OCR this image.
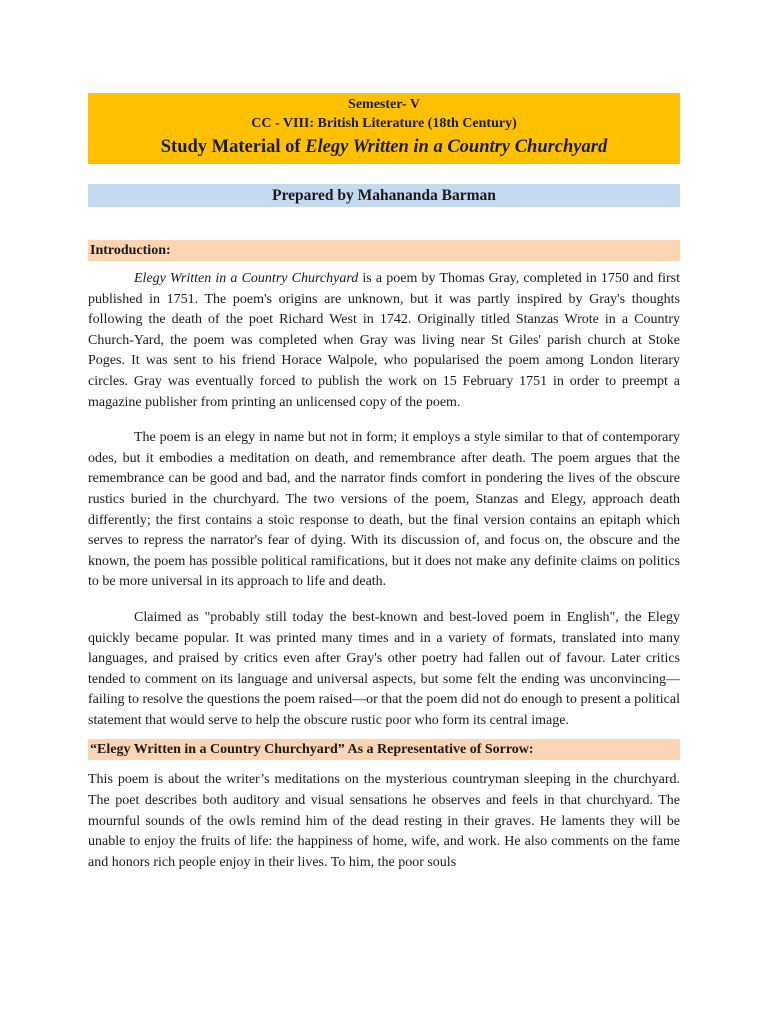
Semester- V
CC - VIII: British Literature (18th Century)
Study Material of Elegy Written in a Country Churchyard
Prepared by Mahananda Barman
Introduction:

Elegy Written in a Country Churchyard is a poem by Thomas Gray, completed in 1750 and first published in 1751. The poem's origins are unknown, but it was partly inspired by Gray's thoughts following the death of the poet Richard West in 1742. Originally titled Stanzas Wrote in a Country Church-Yard, the poem was completed when Gray was living near St Giles' parish church at Stoke Poges. It was sent to his friend Horace Walpole, who popularised the poem among London literary circles. Gray was eventually forced to publish the work on 15 February 1751 in order to preempt a magazine publisher from printing an unlicensed copy of the poem.

The poem is an elegy in name but not in form; it employs a style similar to that of contemporary odes, but it embodies a meditation on death, and remembrance after death. The poem argues that the remembrance can be good and bad, and the narrator finds comfort in pondering the lives of the obscure rustics buried in the churchyard. The two versions of the poem, Stanzas and Elegy, approach death differently; the first contains a stoic response to death, but the final version contains an epitaph which serves to repress the narrator's fear of dying. With its discussion of, and focus on, the obscure and the known, the poem has possible political ramifications, but it does not make any definite claims on politics to be more universal in its approach to life and death.

Claimed as "probably still today the best-known and best-loved poem in English", the Elegy quickly became popular. It was printed many times and in a variety of formats, translated into many languages, and praised by critics even after Gray's other poetry had fallen out of favour. Later critics tended to comment on its language and universal aspects, but some felt the ending was unconvincing—failing to resolve the questions the poem raised—or that the poem did not do enough to present a political statement that would serve to help the obscure rustic poor who form its central image.

“Elegy Written in a Country Churchyard” As a Representative of Sorrow:

This poem is about the writer’s meditations on the mysterious countryman sleeping in the churchyard. The poet describes both auditory and visual sensations he observes and feels in that churchyard. The mournful sounds of the owls remind him of the dead resting in their graves. He laments they will be unable to enjoy the fruits of life: the happiness of home, wife, and work. He also comments on the fame and honors rich people enjoy in their lives. To him, the poor souls
